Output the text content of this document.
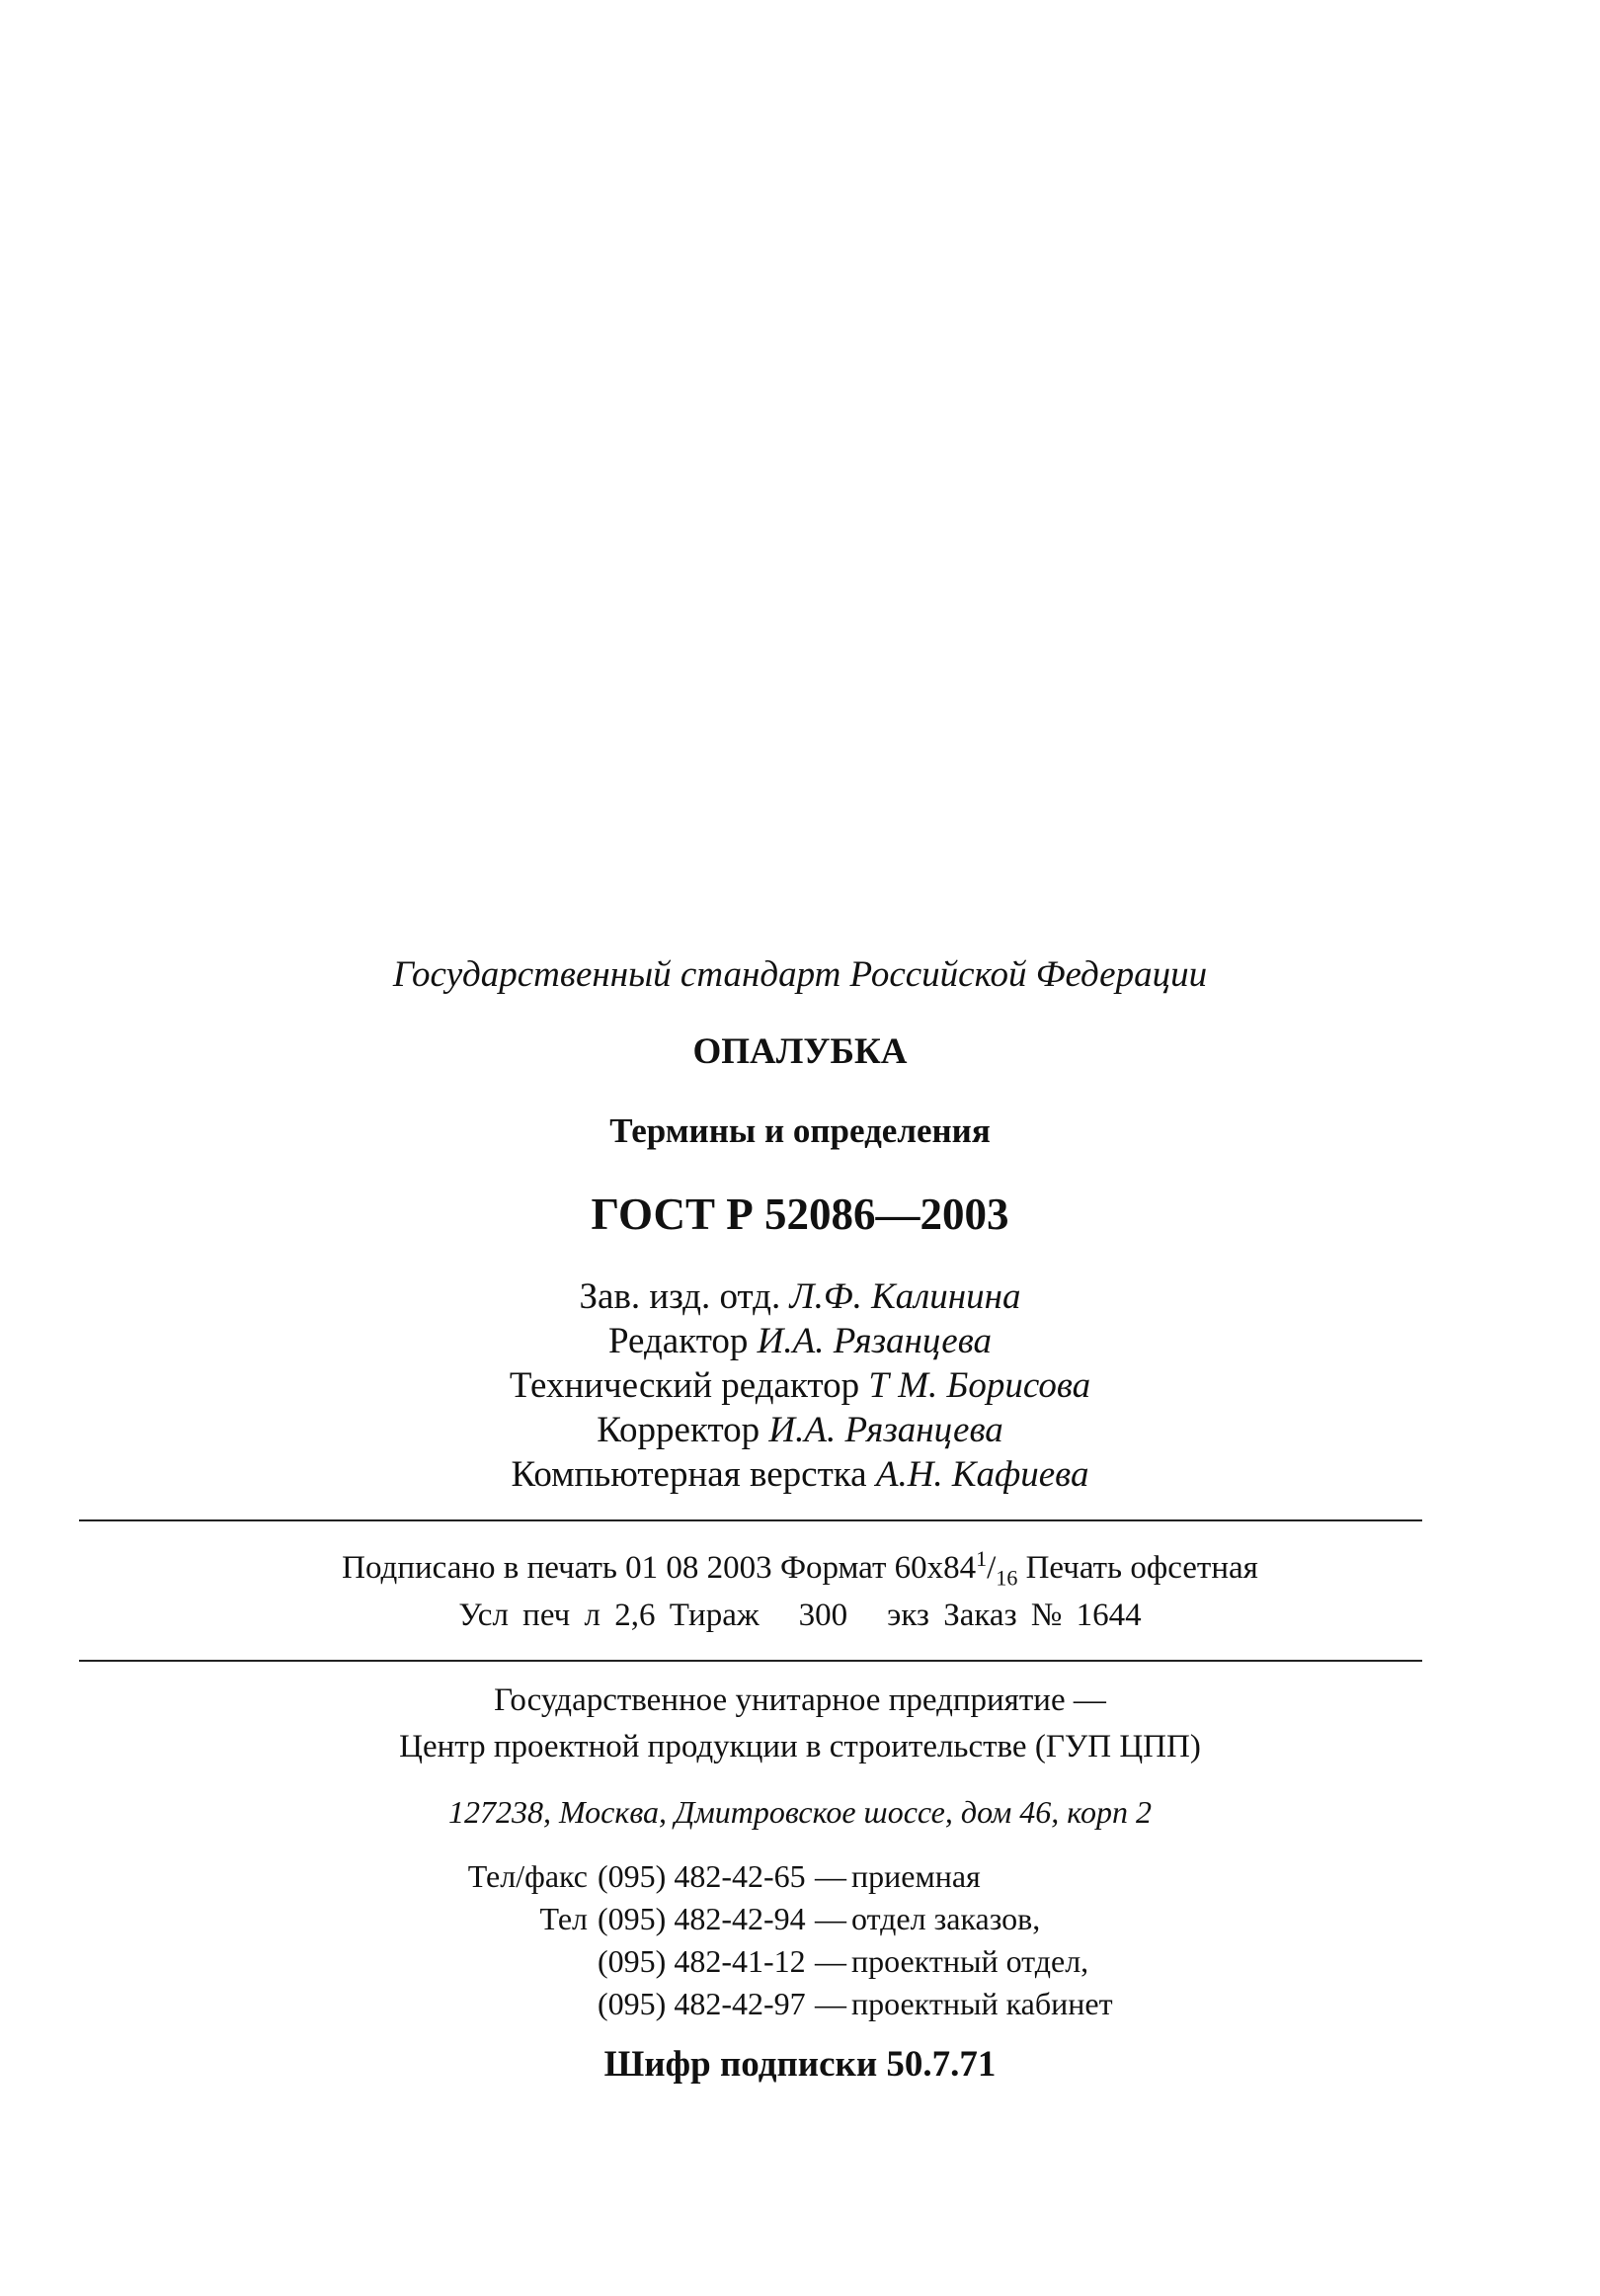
Государственный стандарт Российской Федерации
ОПАЛУБКА
Термины и определения
ГОСТ Р 52086—2003
Зав. изд. отд. Л.Ф. Калинина
Редактор И.А. Рязанцева
Технический редактор Т М. Борисова
Корректор И.А. Рязанцева
Компьютерная верстка А.Н. Кафиева
Подписано в печать 01 08 2003 Формат $60х84^1/_{16}$ Печать офсетная
Усл печ л 2,6 Тираж 300 экз Заказ № 1644
Государственное унитарное предприятие —
Центр проектной продукции в строительстве (ГУП ЦПП)
127238, Москва, Дмитровское шоссе, дом 46, корп 2
Тел/факс (095) 482-42-65 — приемная
Тел (095) 482-42-94 — отдел заказов,
(095) 482-41-12 — проектный отдел,
(095) 482-42-97 — проектный кабинет
Шифр подписки 50.7.71
